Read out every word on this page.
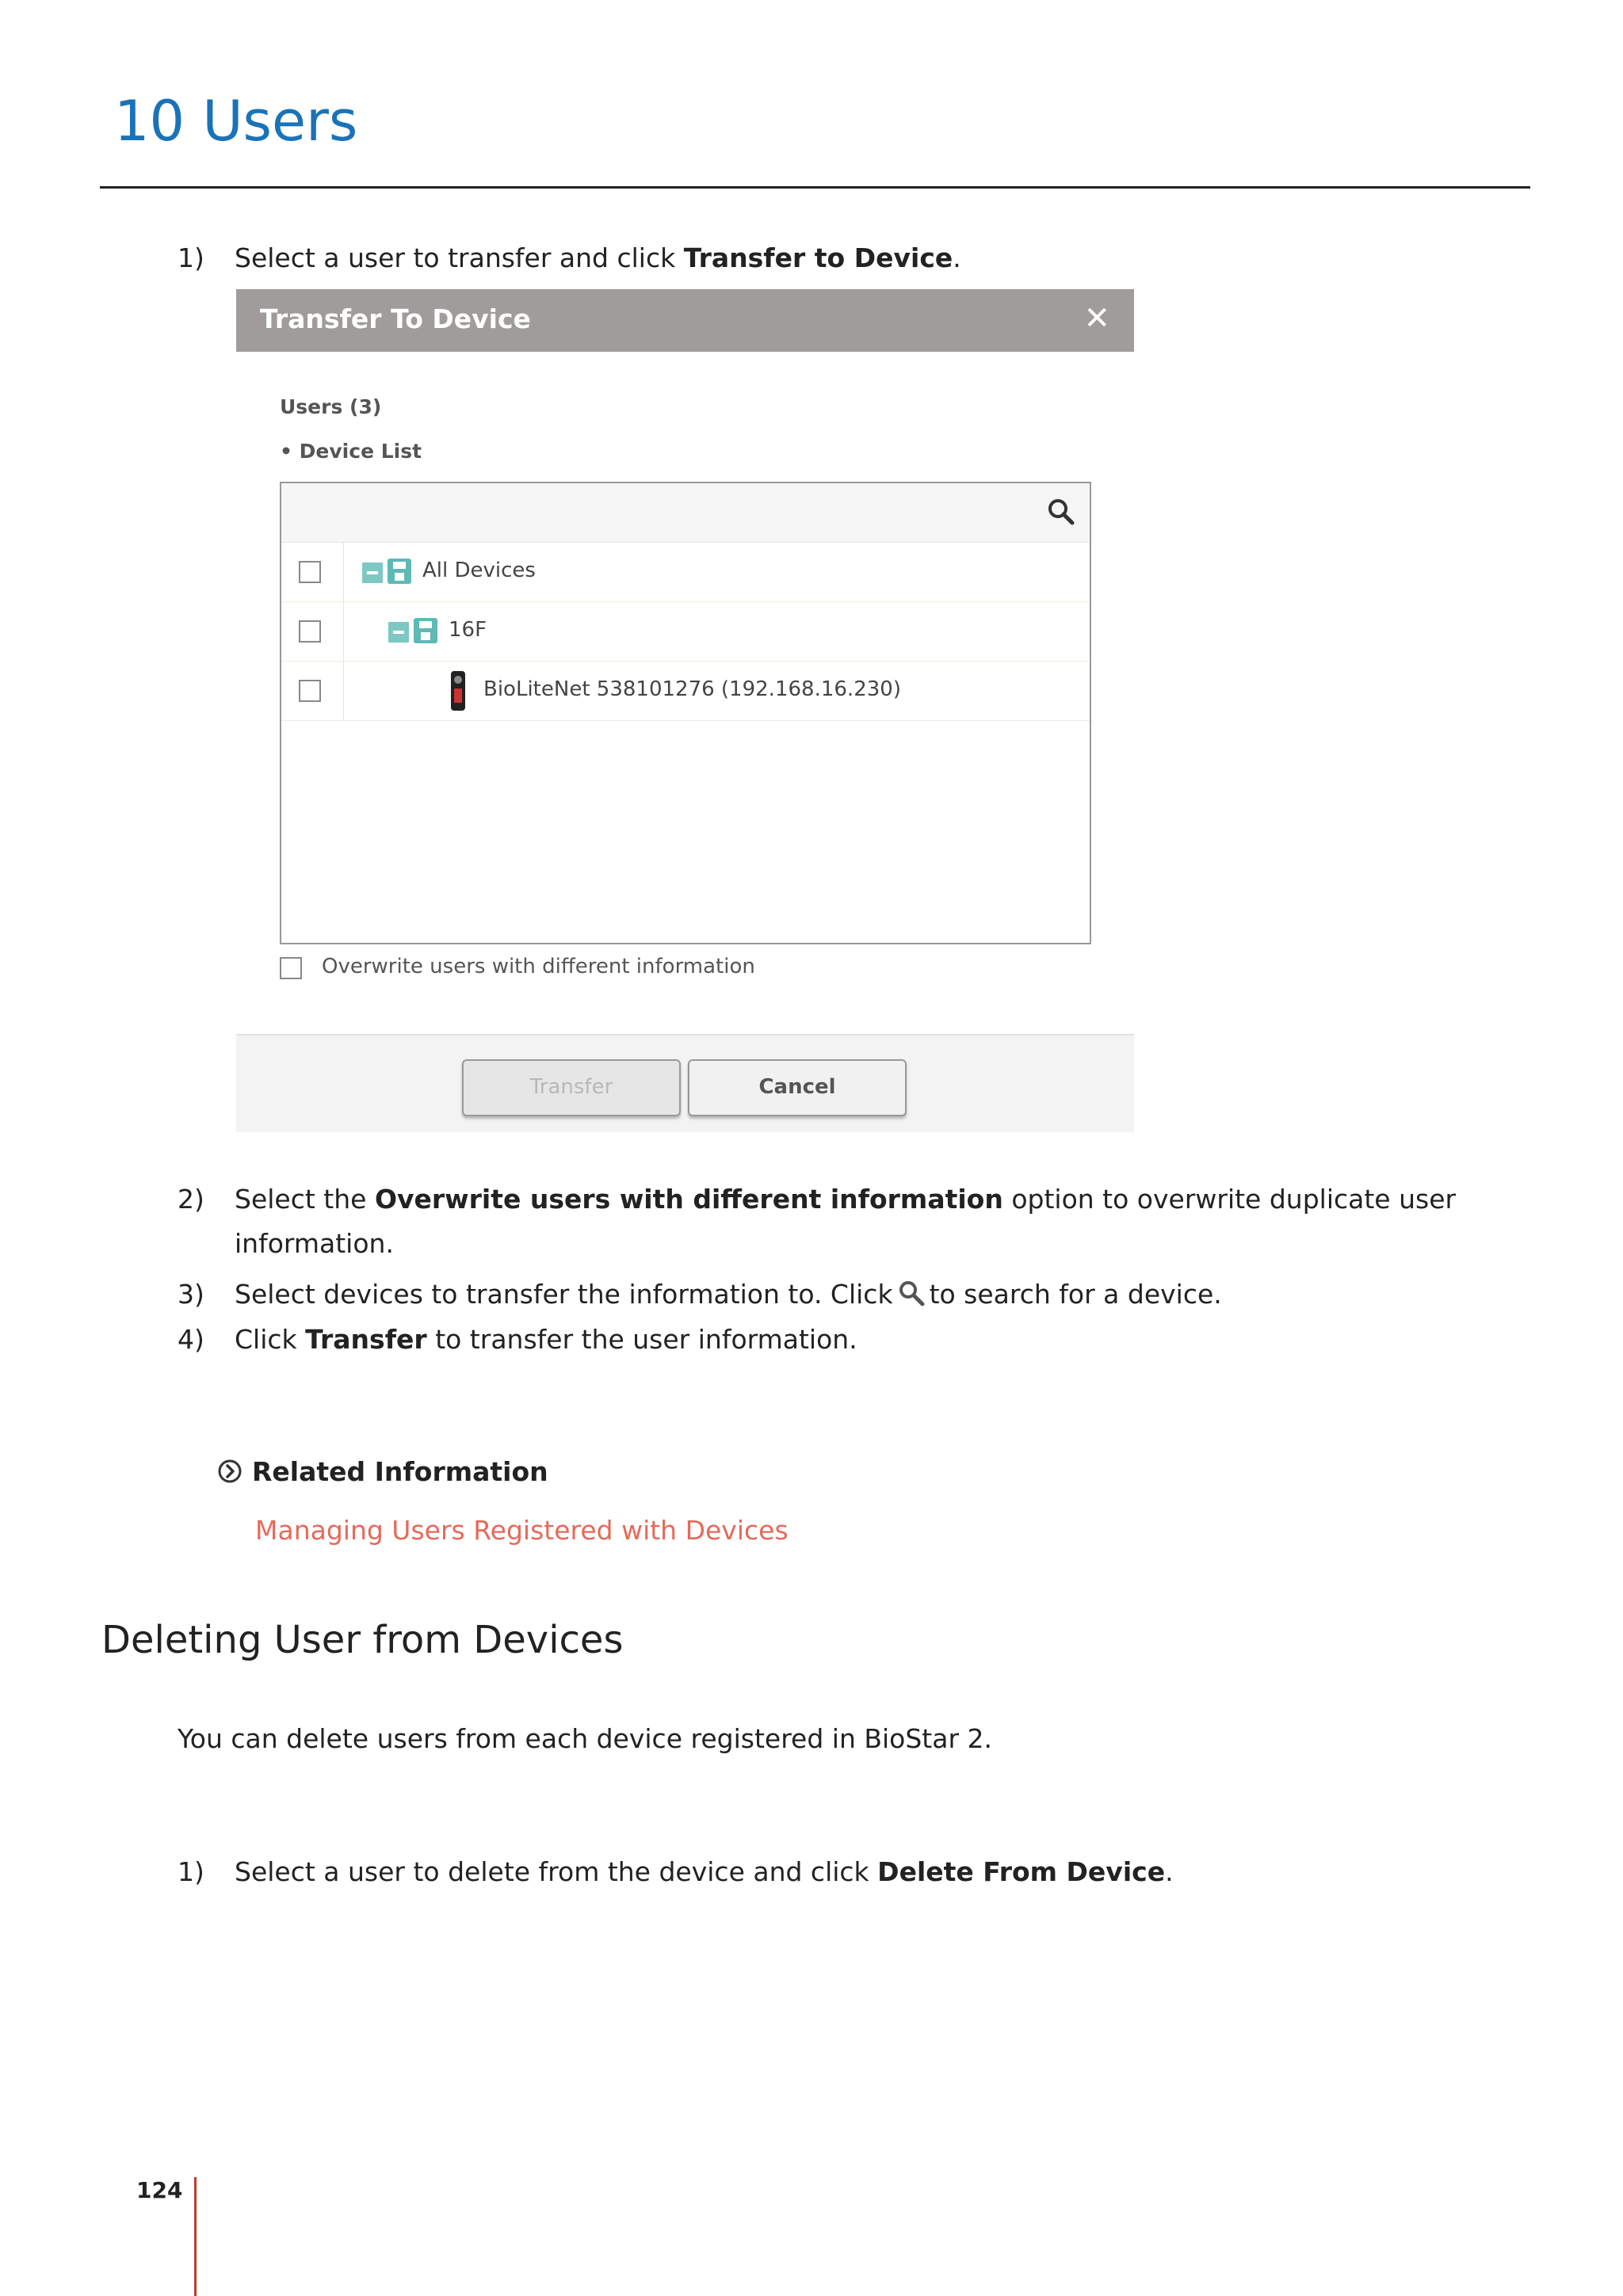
10 Users
1) Select a user to transfer and click Transfer to Device.
Transfer To Device	✕
Users (3)
• Device List
All Devices
16F
BioLiteNet 538101276 (192.168.16.230)
Overwrite users with different information
Transfer	Cancel
2) Select the Overwrite users with different information option to overwrite duplicate user
information.
3) Select devices to transfer the information to. Click to search for a device.
4) Click Transfer to transfer the user information.
Related Information
Managing Users Registered with Devices
Deleting User from Devices

You can delete users from each device registered in BioStar 2.

1) Select a user to delete from the device and click Delete From Device.
124
